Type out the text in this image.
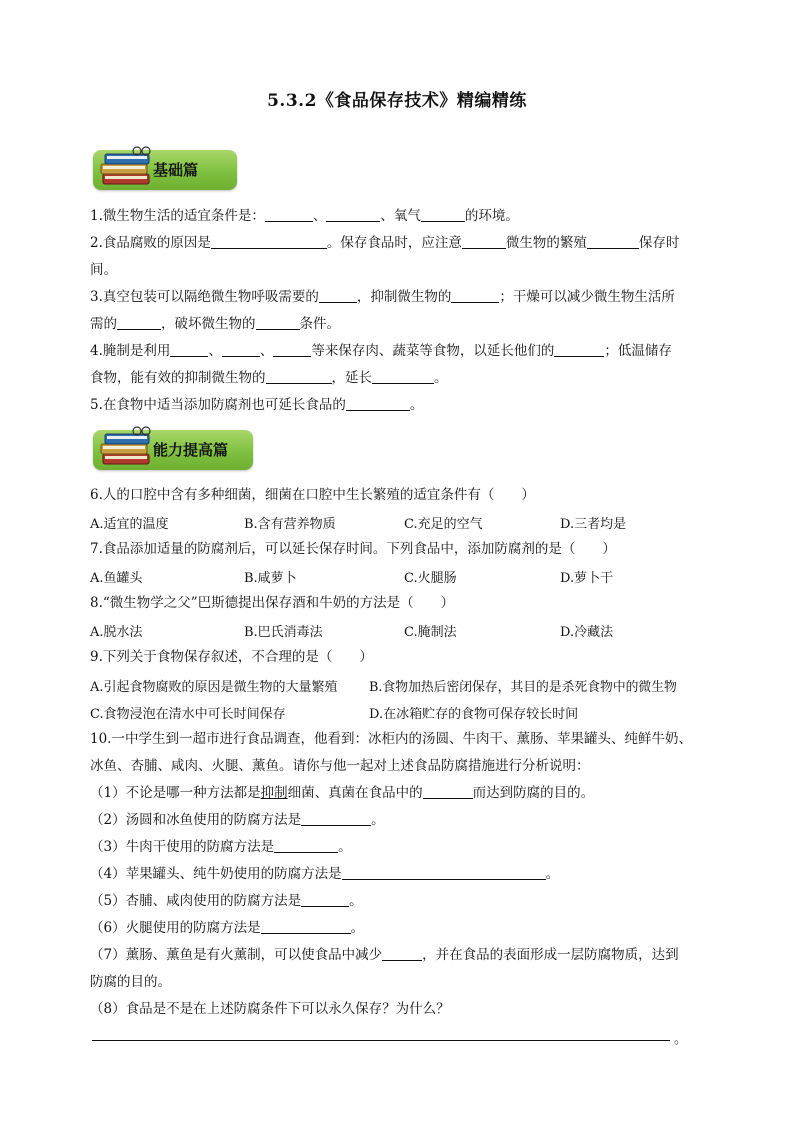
5.3.2《食品保存技术》精编精练
基础篇
1.微生物生活的适宜条件是：	、	、氧气	的环境。
2.食品腐败的原因是	。保存食品时，应注意	微生物的繁殖	保存时
间。
3.真空包装可以隔绝微生物呼吸需要的	，抑制微生物的	；干燥可以减少微生物生活所
需的	，破坏微生物的	条件。
4.腌制是利用	、	、	等来保存肉、蔬菜等食物，以延长他们的	；低温储存
食物，能有效的抑制微生物的	，延长	。
5.在食物中适当添加防腐剂也可延长食品的	。
能力提高篇
6.人的口腔中含有多种细菌，细菌在口腔中生长繁殖的适宜条件有（　　）
A.适宜的温度	B.含有营养物质	C.充足的空气	D.三者均是
7.食品添加适量的防腐剂后，可以延长保存时间。下列食品中，添加防腐剂的是（　　）
A.鱼罐头	B.咸萝卜	C.火腿肠	D.萝卜干
8.“微生物学之父”巴斯德提出保存酒和牛奶的方法是（　　）
A.脱水法	B.巴氏消毒法	C.腌制法	D.冷藏法
9.下列关于食物保存叙述，不合理的是（　　）
A.引起食物腐败的原因是微生物的大量繁殖 B.食物加热后密闭保存，其目的是杀死食物中的微生物
C.食物浸泡在清水中可长时间保存	D.在冰箱贮存的食物可保存较长时间
10.一中学生到一超市进行食品调查，他看到：冰柜内的汤圆、牛肉干、薰肠、苹果罐头、纯鲜牛奶、
冰鱼、杏脯、咸肉、火腿、薰鱼。请你与他一起对上述食品防腐措施进行分析说明：
（1）不论是哪一种方法都是抑制细菌、真菌在食品中的	而达到防腐的目的。
（2）汤圆和冰鱼使用的防腐方法是	。
（3）牛肉干使用的防腐方法是	。
（4）苹果罐头、纯牛奶使用的防腐方法是	。
（5）杏脯、咸肉使用的防腐方法是	。
（6）火腿使用的防腐方法是	。
（7）薰肠、薰鱼是有火薰制，可以使食品中减少	，并在食品的表面形成一层防腐物质，达到
防腐的目的。
（8）食品是不是在上述防腐条件下可以永久保存？为什么？
。
